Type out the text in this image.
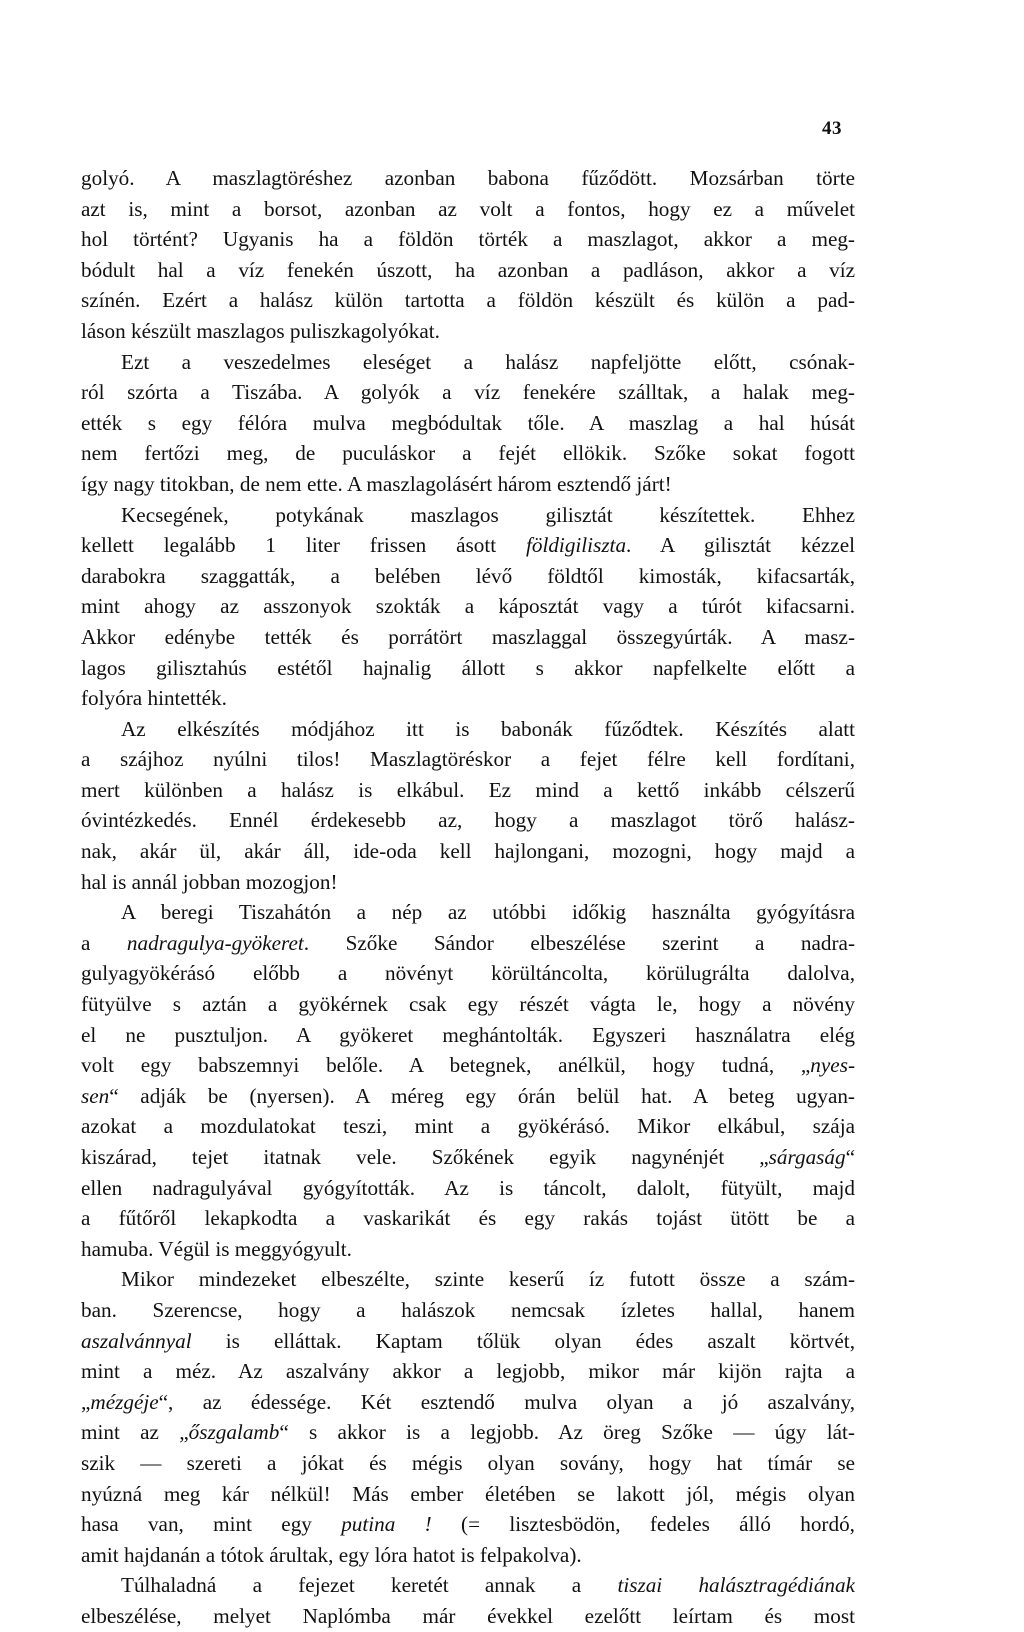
43
golyó. A maszlagtöréshez azonban babona fűződött. Mozsárban törte
azt is, mint a borsot, azonban az volt a fontos, hogy ez a művelet
hol történt? Ugyanis ha a földön törték a maszlagot, akkor a meg-
bódult hal a víz fenekén úszott, ha azonban a padláson, akkor a víz
színén. Ezért a halász külön tartotta a földön készült és külön a pad-
láson készült maszlagos puliszkagolyókat.
Ezt a veszedelmes eleséget a halász napfeljötte előtt, csónak-
ról szórta a Tiszába. A golyók a víz fenekére szálltak, a halak meg-
ették s egy félóra mulva megbódultak tőle. A maszlag a hal húsát
nem fertőzi meg, de puculáskor a fejét ellökik. Szőke sokat fogott
így nagy titokban, de nem ette. A maszlagolásért három esztendő járt!
Kecsegének, potykának maszlagos gilisztát készítettek. Ehhez
kellett legalább 1 liter frissen ásott földigiliszta. A gilisztát kézzel
darabokra szaggatták, a belében lévő földtől kimosták, kifacsarták,
mint ahogy az asszonyok szokták a káposztát vagy a túrót kifacsarni.
Akkor edénybe tették és porrátört maszlaggal összegyúrták. A masz-
lagos gilisztahús estétől hajnalig állott s akkor napfelkelte előtt a
folyóra hintették.
Az elkészítés módjához itt is babonák fűződtek. Készítés alatt
a szájhoz nyúlni tilos! Maszlagtöréskor a fejet félre kell fordítani,
mert különben a halász is elkábul. Ez mind a kettő inkább célszerű
óvintézkedés. Ennél érdekesebb az, hogy a maszlagot törő halász-
nak, akár ül, akár áll, ide-oda kell hajlongani, mozogni, hogy majd a
hal is annál jobban mozogjon!
A beregi Tiszahátón a nép az utóbbi időkig használta gyógyításra
a nadragulya-gyökeret. Szőke Sándor elbeszélése szerint a nadra-
gulyagyökérásó előbb a növényt körültáncolta, körülugrálta dalolva,
fütyülve s aztán a gyökérnek csak egy részét vágta le, hogy a növény
el ne pusztuljon. A gyökeret meghántolták. Egyszeri használatra elég
volt egy babszemnyi belőle. A betegnek, anélkül, hogy tudná, „nyes-
sen“ adják be (nyersen). A méreg egy órán belül hat. A beteg ugyan-
azokat a mozdulatokat teszi, mint a gyökérásó. Mikor elkábul, szája
kiszárad, tejet itatnak vele. Szőkének egyik nagynénjét „sárgaság“
ellen nadragulyával gyógyították. Az is táncolt, dalolt, fütyült, majd
a fűtőről lekapkodta a vaskarikát és egy rakás tojást ütött be a
hamuba. Végül is meggyógyult.
Mikor mindezeket elbeszélte, szinte keserű íz futott össze a szám-
ban. Szerencse, hogy a halászok nemcsak ízletes hallal, hanem
aszalvánnyal is elláttak. Kaptam tőlük olyan édes aszalt körtvét,
mint a méz. Az aszalvány akkor a legjobb, mikor már kijön rajta a
„mézgéje“, az édessége. Két esztendő mulva olyan a jó aszalvány,
mint az „őszgalamb“ s akkor is a legjobb. Az öreg Szőke — úgy lát-
szik — szereti a jókat és mégis olyan sovány, hogy hat tímár se
nyúzná meg kár nélkül! Más ember életében se lakott jól, mégis olyan
hasa van, mint egy putina ! (= lisztesbödön, fedeles álló hordó,
amit hajdanán a tótok árultak, egy lóra hatot is felpakolva).
Túlhaladná a fejezet keretét annak a tiszai halásztragédiának
elbeszélése, melyet Naplómba már évekkel ezelőtt leírtam és most
